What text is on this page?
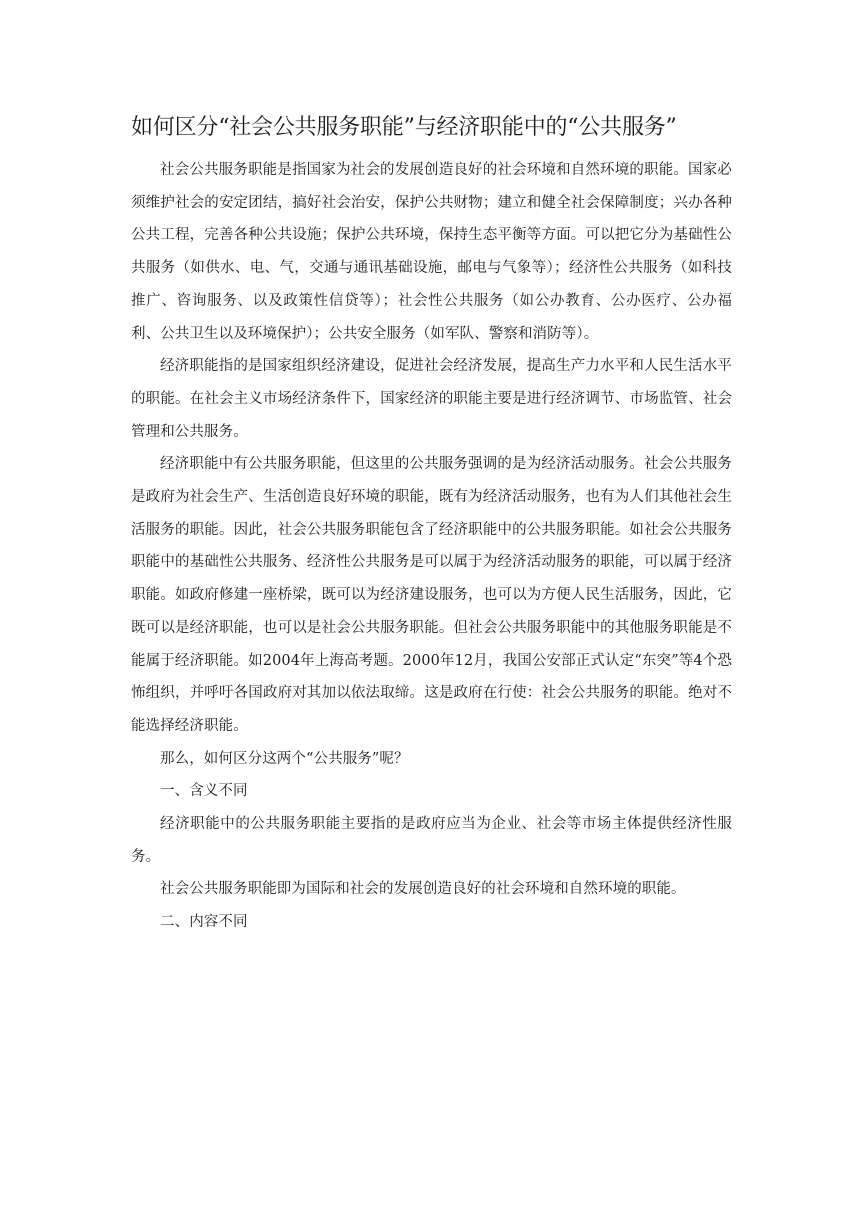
如何区分“社会公共服务职能”与经济职能中的“公共服务”

社会公共服务职能是指国家为社会的发展创造良好的社会环境和自然环境的职能。国家必须维护社会的安定团结，搞好社会治安，保护公共财物；建立和健全社会保障制度；兴办各种公共工程，完善各种公共设施；保护公共环境，保持生态平衡等方面。可以把它分为基础性公共服务（如供水、电、气，交通与通讯基础设施，邮电与气象等）；经济性公共服务（如科技推广、咨询服务、以及政策性信贷等）；社会性公共服务（如公办教育、公办医疗、公办福利、公共卫生以及环境保护）；公共安全服务（如军队、警察和消防等）。

经济职能指的是国家组织经济建设，促进社会经济发展，提高生产力水平和人民生活水平的职能。在社会主义市场经济条件下，国家经济的职能主要是进行经济调节、市场监管、社会管理和公共服务。

经济职能中有公共服务职能，但这里的公共服务强调的是为经济活动服务。社会公共服务是政府为社会生产、生活创造良好环境的职能，既有为经济活动服务，也有为人们其他社会生活服务的职能。因此，社会公共服务职能包含了经济职能中的公共服务职能。如社会公共服务职能中的基础性公共服务、经济性公共服务是可以属于为经济活动服务的职能，可以属于经济职能。如政府修建一座桥梁，既可以为经济建设服务，也可以为方便人民生活服务，因此，它既可以是经济职能，也可以是社会公共服务职能。但社会公共服务职能中的其他服务职能是不能属于经济职能。如2004年上海高考题。2000年12月，我国公安部正式认定“东突”等4个恐怖组织，并呼吁各国政府对其加以依法取缔。这是政府在行使：社会公共服务的职能。绝对不能选择经济职能。

那么，如何区分这两个“公共服务”呢？

一、含义不同

经济职能中的公共服务职能主要指的是政府应当为企业、社会等市场主体提供经济性服务。

社会公共服务职能即为国际和社会的发展创造良好的社会环境和自然环境的职能。

二、内容不同
